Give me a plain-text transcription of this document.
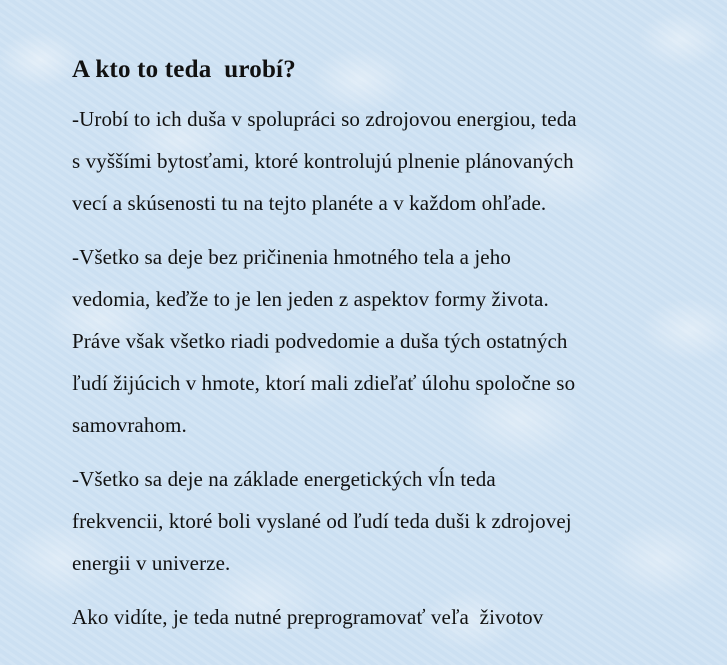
A kto to teda  urobí?

-Urobí to ich duša v spolupráci so zdrojovou energiou, teda
s vyššími bytosťami, ktoré kontrolujú plnenie plánovaných
vecí a skúsenosti tu na tejto planéte a v každom ohľade.

-Všetko sa deje bez pričinenia hmotného tela a jeho
vedomia, keďže to je len jeden z aspektov formy života.
Práve však všetko riadi podvedomie a duša tých ostatných
ľudí žijúcich v hmote, ktorí mali zdieľať úlohu spoločne so
samovrahom.

-Všetko sa deje na základe energetických vĺn teda
frekvencii, ktoré boli vyslané od ľudí teda duši k zdrojovej
energii v univerze.

Ako vidíte, je teda nutné preprogramovať veľa  životov
